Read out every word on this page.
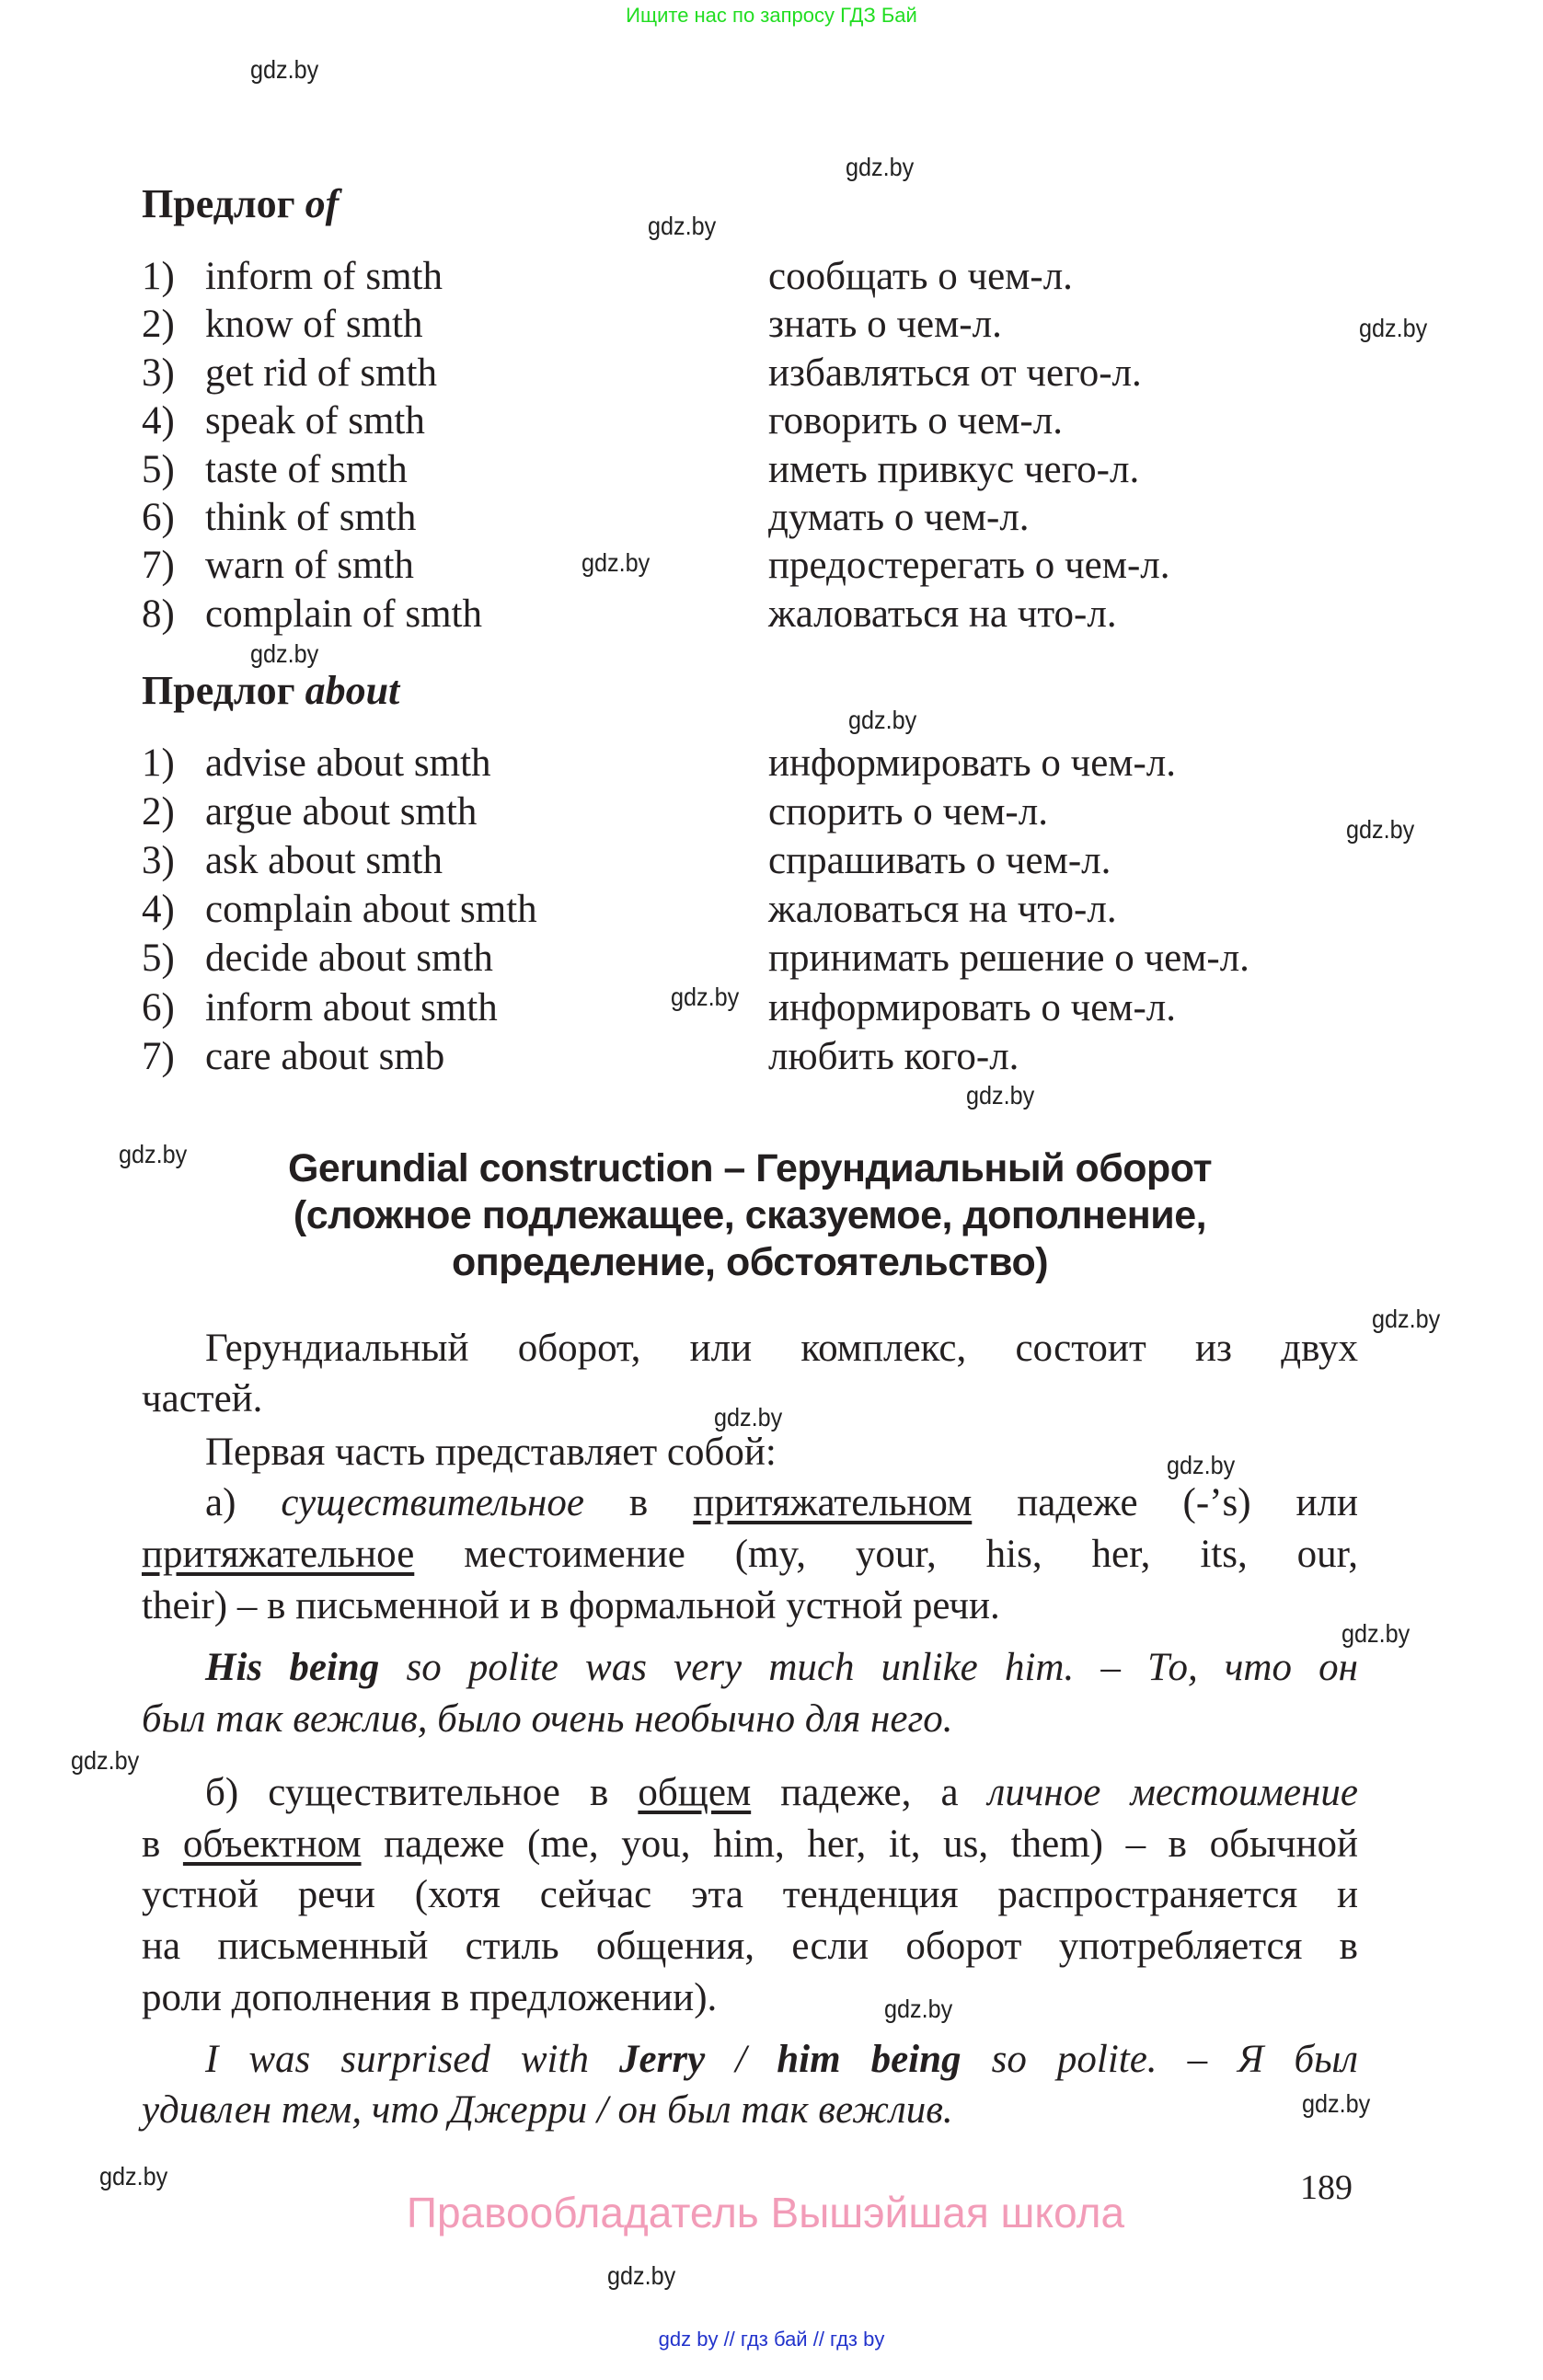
Ищите нас по запросу ГДЗ Бай
gdz.by
gdz.by
gdz.by
gdz.by
gdz.by
gdz.by
gdz.by
gdz.by
gdz.by
gdz.by
gdz.by
gdz.by
gdz.by
gdz.by
gdz.by
gdz.by
gdz.by
gdz.by
gdz.by
gdz.by
Предлог of
1) inform of smth	сообщать о чем-л.
2) know of smth	знать о чем-л.
3) get rid of smth	избавляться от чего-л.
4) speak of smth	говорить о чем-л.
5) taste of smth	иметь привкус чего-л.
6) think of smth	думать о чем-л.
7) warn of smth	предостерегать о чем-л.
8) complain of smth	жаловаться на что-л.
Предлог about
1) advise about smth	информировать о чем-л.
2) argue about smth	спорить о чем-л.
3) ask about smth	спрашивать о чем-л.
4) complain about smth	жаловаться на что-л.
5) decide about smth	принимать решение о чем-л.
6) inform about smth	информировать о чем-л.
7) care about smb	любить кого-л.
Gerundial construction – Герундиальный оборот
(сложное подлежащее, сказуемое, дополнение,
определение, обстоятельство)
Герундиальный оборот, или комплекс, состоит из двух
частей.
Первая часть представляет собой:
а) существительное в притяжательном падеже (-’s) или
притяжательное местоимение (my, your, his, her, its, our,
their) – в письменной и в формальной устной речи.
His being so polite was very much unlike him. – То, что он
был так вежлив, было очень необычно для него.
б) существительное в общем падеже, а личное местоимение
в объектном падеже (me, you, him, her, it, us, them) – в обычной
устной речи (хотя сейчас эта тенденция распространяется и
на письменный стиль общения, если оборот употребляется в
роли дополнения в предложении).
I was surprised with Jerry / him being so polite. – Я был
удивлен тем, что Джерри / он был так вежлив.
189
Правообладатель Вышэйшая школа
gdz by // гдз бай // гдз by
